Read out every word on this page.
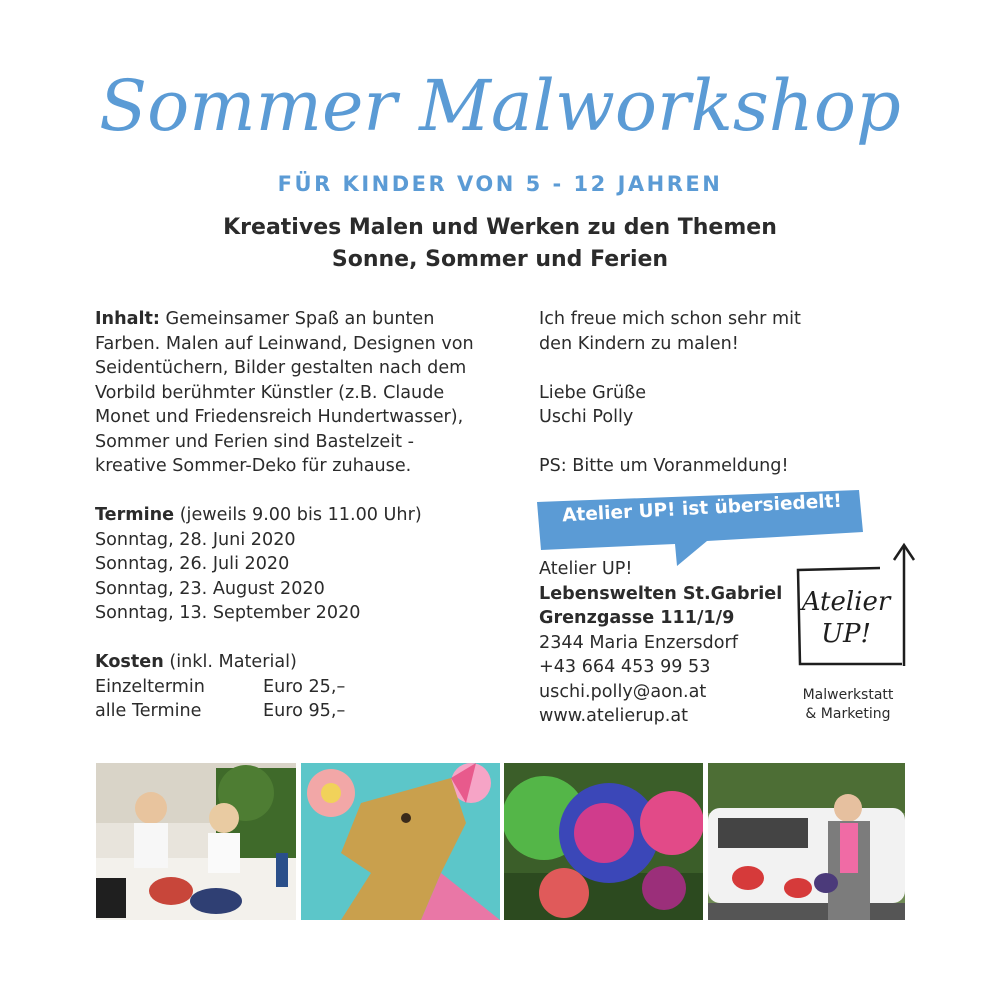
Sommer Malworkshop
FÜR KINDER VON 5 - 12 JAHREN
Kreatives Malen und Werken zu den Themen
Sonne, Sommer und Ferien
Inhalt: Gemeinsamer Spaß an bunten
Farben. Malen auf Leinwand, Designen von
Seidentüchern, Bilder gestalten nach dem
Vorbild berühmter Künstler (z.B. Claude
Monet und Friedensreich Hundertwasser),
Sommer und Ferien sind Bastelzeit -
kreative Sommer-Deko für zuhause.
Termine (jeweils 9.00 bis 11.00 Uhr)
Sonntag, 28. Juni 2020
Sonntag, 26. Juli 2020
Sonntag, 23. August 2020
Sonntag, 13. September 2020
Kosten (inkl. Material)
Einzeltermin	Euro 25,–
alle Termine	Euro 95,–
Ich freue mich schon sehr mit
den Kindern zu malen!
Liebe Grüße
Uschi Polly
PS: Bitte um Voranmeldung!
Atelier UP! ist übersiedelt!
Atelier UP!
Lebenswelten St.Gabriel
Grenzgasse 111/1/9
2344 Maria Enzersdorf
+43 664 453 99 53
uschi.polly@aon.at
www.atelierup.at
Atelier
UP!
Malwerkstatt
& Marketing
